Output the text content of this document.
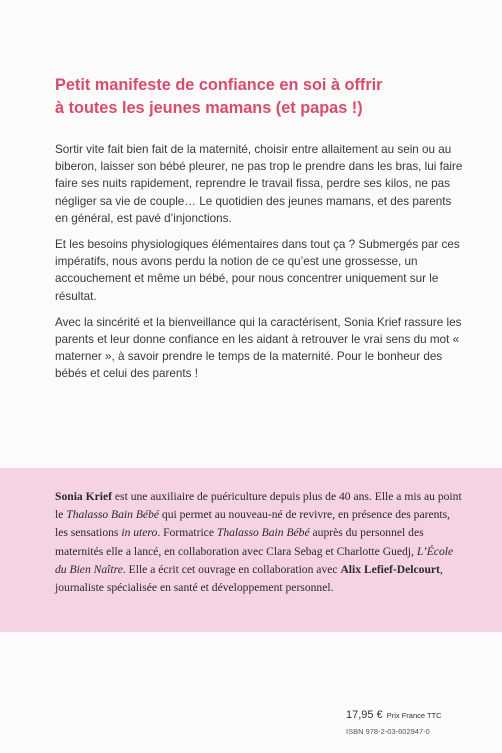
Petit manifeste de confiance en soi à offrir
à toutes les jeunes mamans (et papas !)

Sortir vite fait bien fait de la maternité, choisir entre allaitement au sein ou au biberon, laisser son bébé pleurer, ne pas trop le prendre dans les bras, lui faire faire ses nuits rapidement, reprendre le travail fissa, perdre ses kilos, ne pas négliger sa vie de couple… Le quotidien des jeunes mamans, et des parents en général, est pavé d’injonctions.

Et les besoins physiologiques élémentaires dans tout ça ? Submergés par ces impératifs, nous avons perdu la notion de ce qu’est une grossesse, un accouchement et même un bébé, pour nous concentrer uniquement sur le résultat.

Avec la sincérité et la bienveillance qui la caractérisent, Sonia Krief rassure les parents et leur donne confiance en les aidant à retrouver le vrai sens du mot « materner », à savoir prendre le temps de la maternité. Pour le bonheur des bébés et celui des parents !

Sonia Krief est une auxiliaire de puériculture depuis plus de 40 ans. Elle a mis au point le Thalasso Bain Bébé qui permet au nouveau-né de revivre, en présence des parents, les sensations in utero. Formatrice Thalasso Bain Bébé auprès du personnel des maternités elle a lancé, en collaboration avec Clara Sebag et Charlotte Guedj, L’École du Bien Naître. Elle a écrit cet ouvrage en collaboration avec Alix Lefief-Delcourt, journaliste spécialisée en santé et développement personnel.

17,95 € Prix France TTC
ISBN 978-2-03-602947-0
